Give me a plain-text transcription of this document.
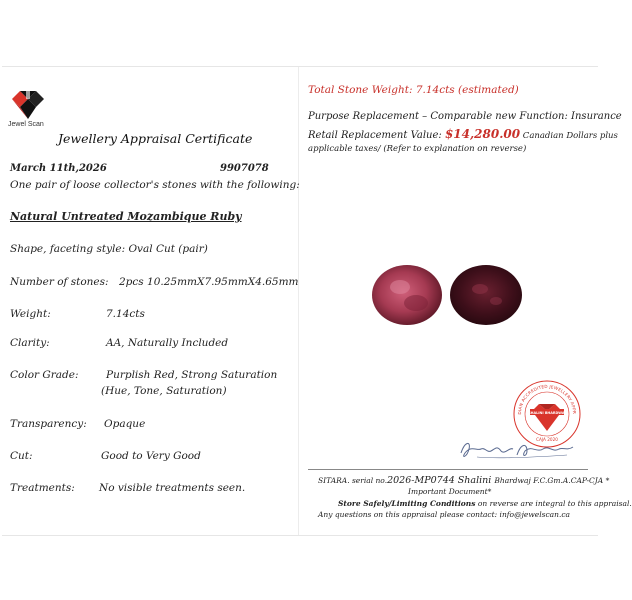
Jewel Scan
Jewellery Appraisal Certificate
March 11th,2026	9907078
One pair of loose collector's stones with the following:
Natural Untreated Mozambique Ruby
Shape, faceting style: Oval Cut (pair)
Number of stones: 2pcs 10.25mmX7.95mmX4.65mm
Weight:	7.14cts
Clarity:	AA, Naturally Included
Color Grade:	Purplish Red, Strong Saturation
(Hue, Tone, Saturation)
Transparency: Opaque
Cut:	Good to Very Good
Treatments: No visible treatments seen.
Total Stone Weight: 7.14cts (estimated)
Purpose Replacement – Comparable new Function: Insurance
Retail Replacement Value: $14,280.00 Canadian Dollars plus
applicable taxes/ (Refer to explanation on reverse)
DIAN ACCREDITED JEWELLERY APPR
SHALINI BHARDWAJ
CAJA 2020
SITARA. serial no.2026-MP0744 Shalini Bhardwaj F.C.Gm.A.CAP-CJA *
Important Document*
Store Safely/Limiting Conditions on reverse are integral to this appraisal.
Any questions on this appraisal please contact: info@jewelscan.ca
